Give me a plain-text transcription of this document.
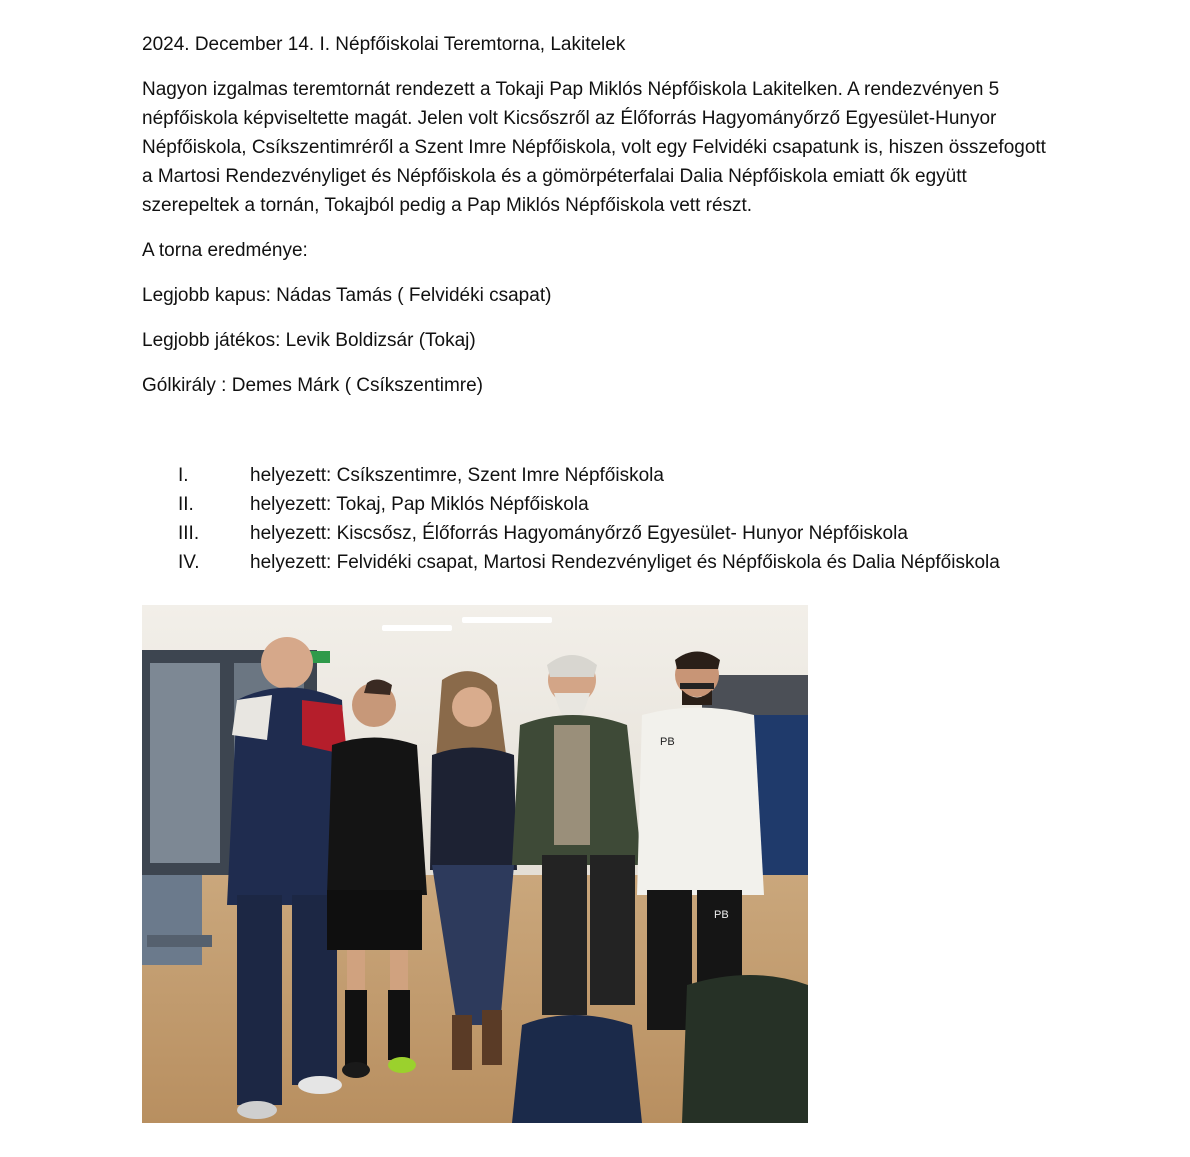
2024. December 14. I. Népfőiskolai Teremtorna, Lakitelek
Nagyon izgalmas teremtornát rendezett a Tokaji Pap Miklós Népfőiskola Lakitelken. A rendezvényen 5 népfőiskola képviseltette magát. Jelen volt Kicsőszről az Élőforrás Hagyományőrző Egyesület-Hunyor Népfőiskola, Csíkszentimréről a Szent Imre Népfőiskola, volt egy Felvidéki csapatunk is, hiszen összefogott a Martosi Rendezvényliget és Népfőiskola és a gömörpéterfalai Dalia Népfőiskola emiatt ők együtt szerepeltek a tornán, Tokajból pedig a Pap Miklós Népfőiskola vett részt.
A torna eredménye:
Legjobb kapus: Nádas Tamás ( Felvidéki csapat)
Legjobb játékos: Levik Boldizsár (Tokaj)
Gólkirály : Demes Márk ( Csíkszentimre)
I.	helyezett: Csíkszentimre, Szent Imre Népfőiskola
II.	helyezett: Tokaj, Pap Miklós Népfőiskola
III.	helyezett: Kiscsősz, Élőforrás Hagyományőrző Egyesület- Hunyor Népfőiskola
IV.	helyezett: Felvidéki csapat, Martosi Rendezvényliget és Népfőiskola és Dalia Népfőiskola
PB
PB
